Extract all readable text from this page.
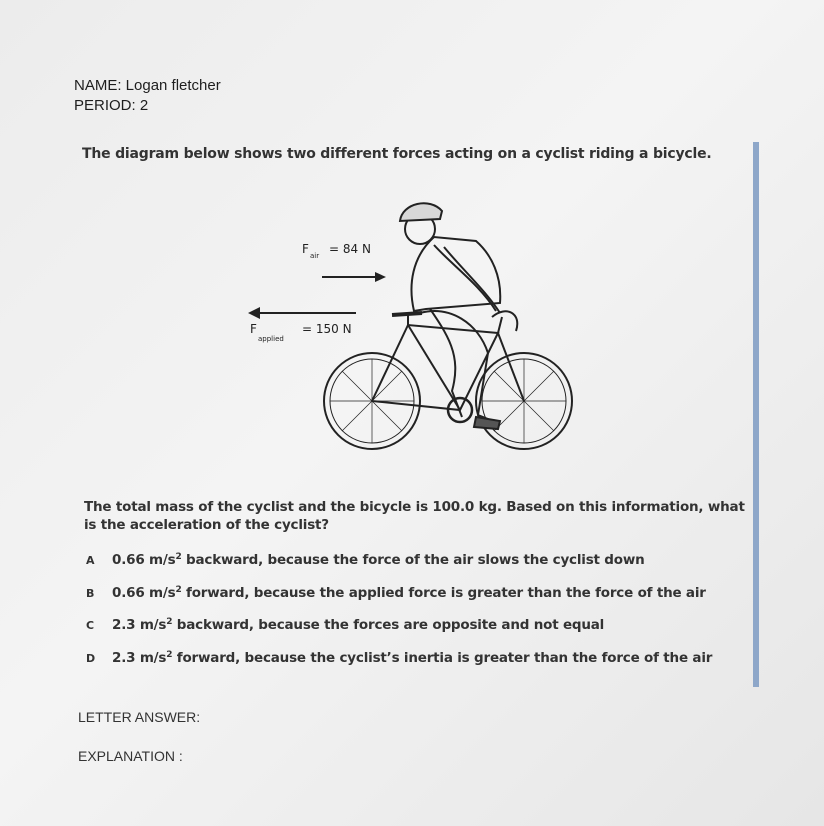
NAME: Logan fletcher
PERIOD: 2
The diagram below shows two different forces acting on a cyclist riding a bicycle.
F air = 84 N
F
applied
= 150 N
The total mass of the cyclist and the bicycle is 100.0 kg. Based on this information, what is the acceleration of the cyclist?
A	0.66 $m/s^2$ backward, because the force of the air slows the cyclist down
B	0.66 $m/s^2$ forward, because the applied force is greater than the force of the air
C	2.3 $m/s^2$ backward, because the forces are opposite and not equal
D	2.3 $m/s^2$ forward, because the cyclist’s inertia is greater than the force of the air
LETTER ANSWER:
EXPLANATION :
